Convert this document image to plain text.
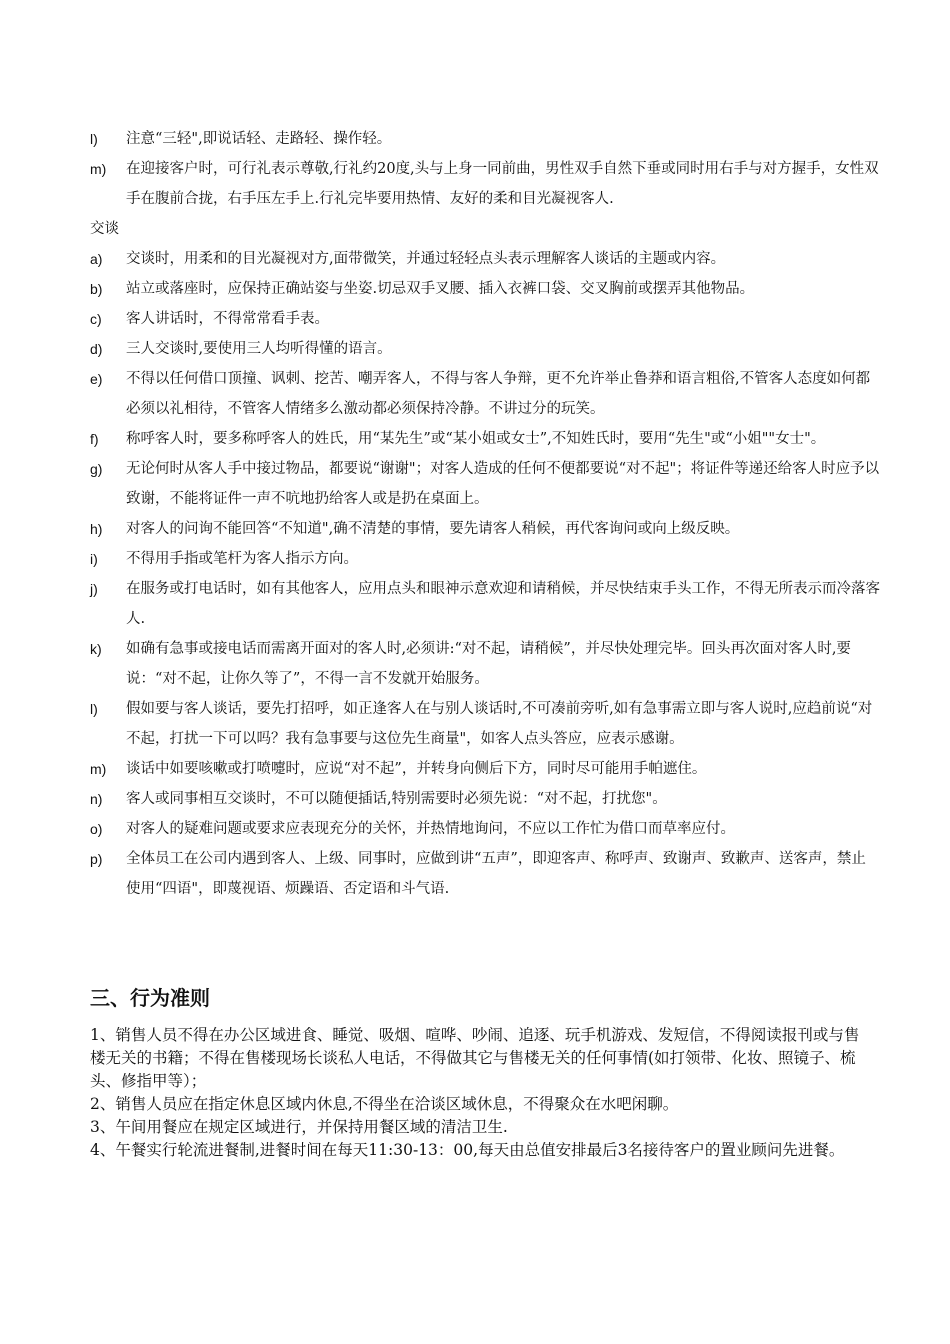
l) 注意“三轻",即说话轻、走路轻、操作轻。
m) 在迎接客户时，可行礼表示尊敬,行礼约20度,头与上身一同前曲，男性双手自然下垂或同时用右手与对方握手，女性双手在腹前合拢，右手压左手上.行礼完毕要用热情、友好的柔和目光凝视客人.

交谈

a) 交谈时，用柔和的目光凝视对方,面带微笑，并通过轻轻点头表示理解客人谈话的主题或内容。
b) 站立或落座时，应保持正确站姿与坐姿.切忌双手叉腰、插入衣裤口袋、交叉胸前或摆弄其他物品。
c) 客人讲话时，不得常常看手表。
d) 三人交谈时,要使用三人均听得懂的语言。
e) 不得以任何借口顶撞、讽刺、挖苦、嘲弄客人，不得与客人争辩，更不允许举止鲁莽和语言粗俗,不管客人态度如何都必须以礼相待，不管客人情绪多么激动都必须保持冷静。不讲过分的玩笑。
f) 称呼客人时，要多称呼客人的姓氏，用“某先生”或“某小姐或女士”,不知姓氏时，要用“先生"或“小姐""女士"。
g) 无论何时从客人手中接过物品，都要说“谢谢"；对客人造成的任何不便都要说“对不起"；将证件等递还给客人时应予以致谢，不能将证件一声不吭地扔给客人或是扔在桌面上。
h) 对客人的问询不能回答“不知道",确不清楚的事情，要先请客人稍候，再代客询问或向上级反映。
i) 不得用手指或笔杆为客人指示方向。
j) 在服务或打电话时，如有其他客人，应用点头和眼神示意欢迎和请稍候，并尽快结束手头工作，不得无所表示而冷落客人.
k) 如确有急事或接电话而需离开面对的客人时,必须讲:“对不起，请稍候”，并尽快处理完毕。回头再次面对客人时,要说：“对不起，让你久等了”，不得一言不发就开始服务。
l) 假如要与客人谈话，要先打招呼，如正逢客人在与别人谈话时,不可凑前旁听,如有急事需立即与客人说时,应趋前说“对不起，打扰一下可以吗？我有急事要与这位先生商量"，如客人点头答应，应表示感谢。
m) 谈话中如要咳嗽或打喷嚏时，应说“对不起”，并转身向侧后下方，同时尽可能用手帕遮住。
n) 客人或同事相互交谈时，不可以随便插话,特别需要时必须先说：“对不起，打扰您"。
o) 对客人的疑难问题或要求应表现充分的关怀，并热情地询问，不应以工作忙为借口而草率应付。
p) 全体员工在公司内遇到客人、上级、同事时，应做到讲“五声”，即迎客声、称呼声、致谢声、致歉声、送客声，禁止使用“四语"，即蔑视语、烦躁语、否定语和斗气语.
三、行为准则

1、销售人员不得在办公区域进食、睡觉、吸烟、喧哗、吵闹、追逐、玩手机游戏、发短信，不得阅读报刊或与售楼无关的书籍；不得在售楼现场长谈私人电话，不得做其它与售楼无关的任何事情(如打领带、化妆、照镜子、梳头、修指甲等）；

2、销售人员应在指定休息区域内休息,不得坐在洽谈区域休息，不得聚众在水吧闲聊。

3、午间用餐应在规定区域进行，并保持用餐区域的清洁卫生.

4、午餐实行轮流进餐制,进餐时间在每天11:30-13：00,每天由总值安排最后3名接待客户的置业顾问先进餐。
